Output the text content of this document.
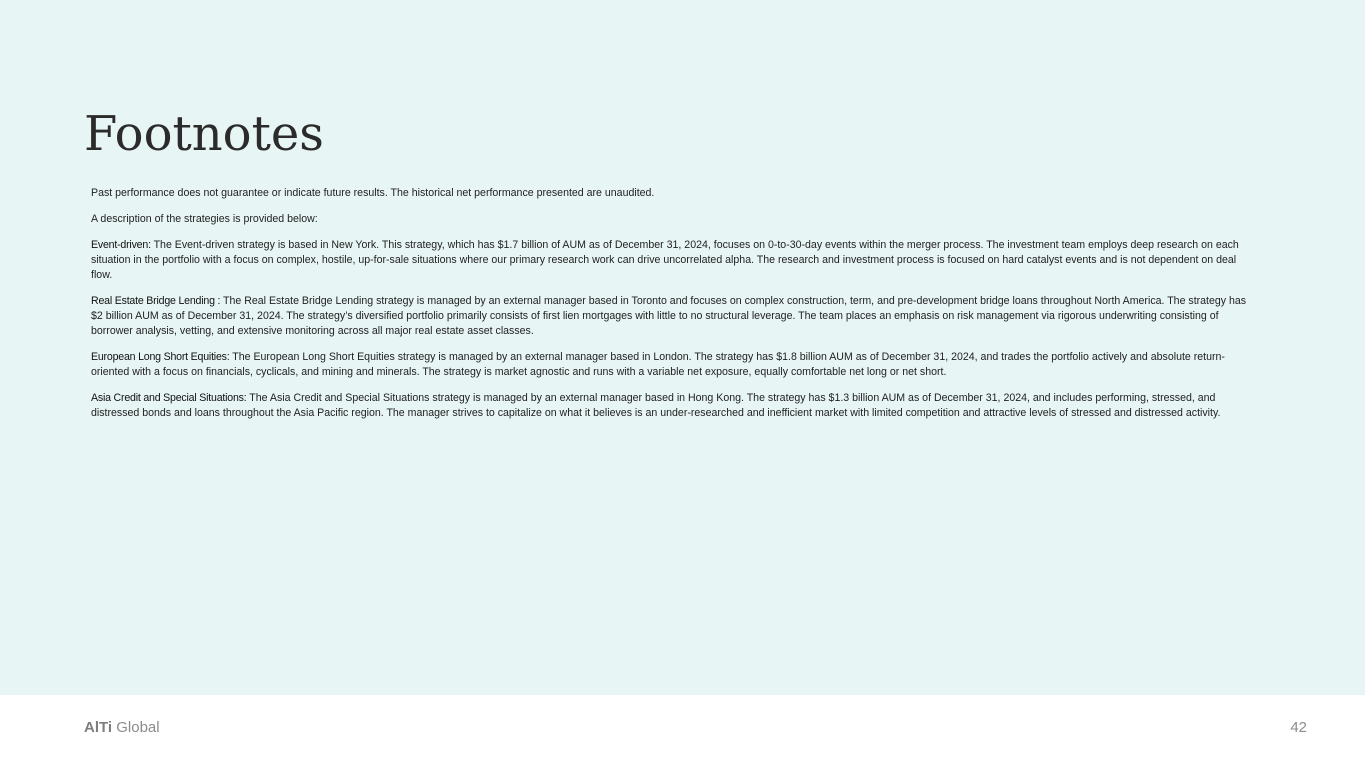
Footnotes

Past performance does not guarantee or indicate future results. The historical net performance presented are unaudited.

A description of the strategies is provided below:

Event-driven: The Event-driven strategy is based in New York. This strategy, which has $1.7 billion of AUM as of December 31, 2024, focuses on 0-to-30-day events within the merger process. The investment team employs deep research on each situation in the portfolio with a focus on complex, hostile, up-for-sale situations where our primary research work can drive uncorrelated alpha. The research and investment process is focused on hard catalyst events and is not dependent on deal flow.

Real Estate Bridge Lending : The Real Estate Bridge Lending strategy is managed by an external manager based in Toronto and focuses on complex construction, term, and pre-development bridge loans throughout North America. The strategy has $2 billion AUM as of December 31, 2024. The strategy’s diversified portfolio primarily consists of first lien mortgages with little to no structural leverage. The team places an emphasis on risk management via rigorous underwriting consisting of borrower analysis, vetting, and extensive monitoring across all major real estate asset classes.

European Long Short Equities: The European Long Short Equities strategy is managed by an external manager based in London. The strategy has $1.8 billion AUM as of December 31, 2024, and trades the portfolio actively and absolute return-oriented with a focus on financials, cyclicals, and mining and minerals. The strategy is market agnostic and runs with a variable net exposure, equally comfortable net long or net short.

Asia Credit and Special Situations: The Asia Credit and Special Situations strategy is managed by an external manager based in Hong Kong. The strategy has $1.3 billion AUM as of December 31, 2024, and includes performing, stressed, and distressed bonds and loans throughout the Asia Pacific region. The manager strives to capitalize on what it believes is an under-researched and inefficient market with limited competition and attractive levels of stressed and distressed activity.

AlTi Global	42
